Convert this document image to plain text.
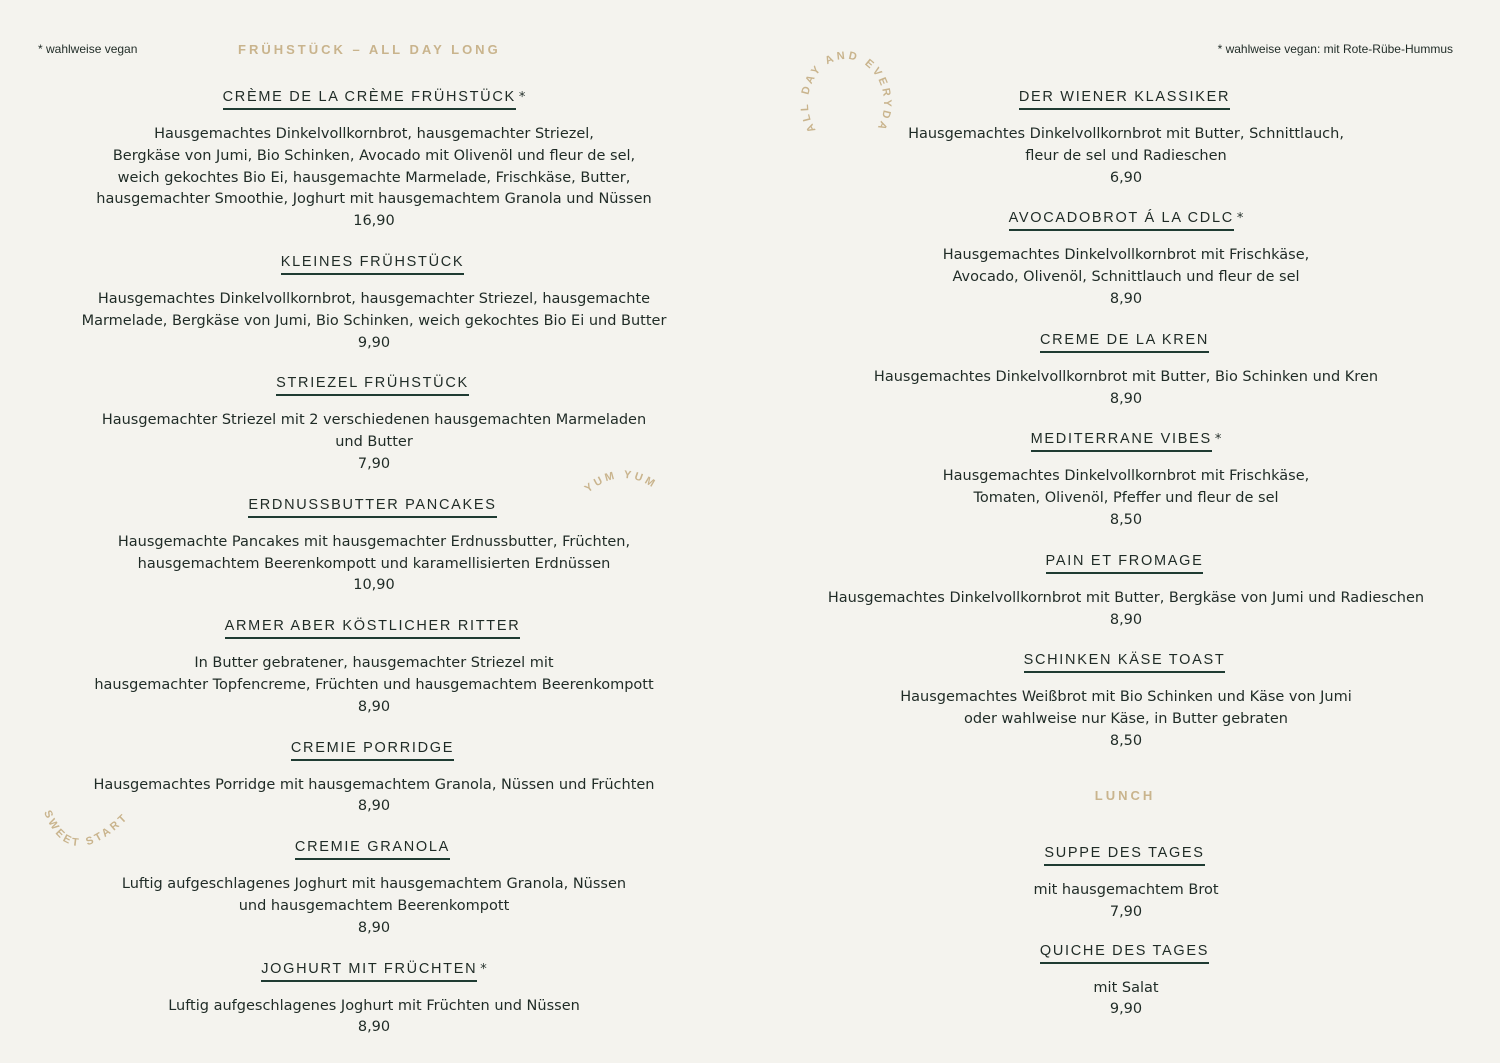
* wahlweise vegan	FRÜHSTÜCK – ALL DAY LONG
CRÈME DE LA CRÈME FRÜHSTÜCK *
Hausgemachtes Dinkelvollkornbrot, hausgemachter Striezel,
Bergkäse von Jumi, Bio Schinken, Avocado mit Olivenöl und fleur de sel,
weich gekochtes Bio Ei, hausgemachte Marmelade, Frischkäse, Butter,
hausgemachter Smoothie, Joghurt mit hausgemachtem Granola und Nüssen
16,90
KLEINES FRÜHSTÜCK
Hausgemachtes Dinkelvollkornbrot, hausgemachter Striezel, hausgemachte
Marmelade, Bergkäse von Jumi, Bio Schinken, weich gekochtes Bio Ei und Butter
9,90
STRIEZEL FRÜHSTÜCK
Hausgemachter Striezel mit 2 verschiedenen hausgemachten Marmeladen
und Butter
7,90
ERDNUSSBUTTER PANCAKES
Hausgemachte Pancakes mit hausgemachter Erdnussbutter, Früchten,
hausgemachtem Beerenkompott und karamellisierten Erdnüssen
10,90
ARMER ABER KÖSTLICHER RITTER
In Butter gebratener, hausgemachter Striezel mit
hausgemachter Topfencreme, Früchten und hausgemachtem Beerenkompott
8,90
CREMIE PORRIDGE
Hausgemachtes Porridge mit hausgemachtem Granola, Nüssen und Früchten
8,90
CREMIE GRANOLA
Luftig aufgeschlagenes Joghurt mit hausgemachtem Granola, Nüssen
und hausgemachtem Beerenkompott
8,90
JOGHURT MIT FRÜCHTEN *
Luftig aufgeschlagenes Joghurt mit Früchten und Nüssen
8,90
YUM YUM
SWEET START
* wahlweise vegan: mit Rote-Rübe-Hummus
ALL DAY AND EVERYDAY
DER WIENER KLASSIKER
Hausgemachtes Dinkelvollkornbrot mit Butter, Schnittlauch,
fleur de sel und Radieschen
6,90
AVOCADOBROT Á LA CDLC *
Hausgemachtes Dinkelvollkornbrot mit Frischkäse,
Avocado, Olivenöl, Schnittlauch und fleur de sel
8,90
CREME DE LA KREN
Hausgemachtes Dinkelvollkornbrot mit Butter, Bio Schinken und Kren
8,90
MEDITERRANE VIBES *
Hausgemachtes Dinkelvollkornbrot mit Frischkäse,
Tomaten, Olivenöl, Pfeffer und fleur de sel
8,50
PAIN ET FROMAGE
Hausgemachtes Dinkelvollkornbrot mit Butter, Bergkäse von Jumi und Radieschen
8,90
SCHINKEN KÄSE TOAST
Hausgemachtes Weißbrot mit Bio Schinken und Käse von Jumi
oder wahlweise nur Käse, in Butter gebraten
8,50
LUNCH
SUPPE DES TAGES
mit hausgemachtem Brot
7,90
QUICHE DES TAGES
mit Salat
9,90
